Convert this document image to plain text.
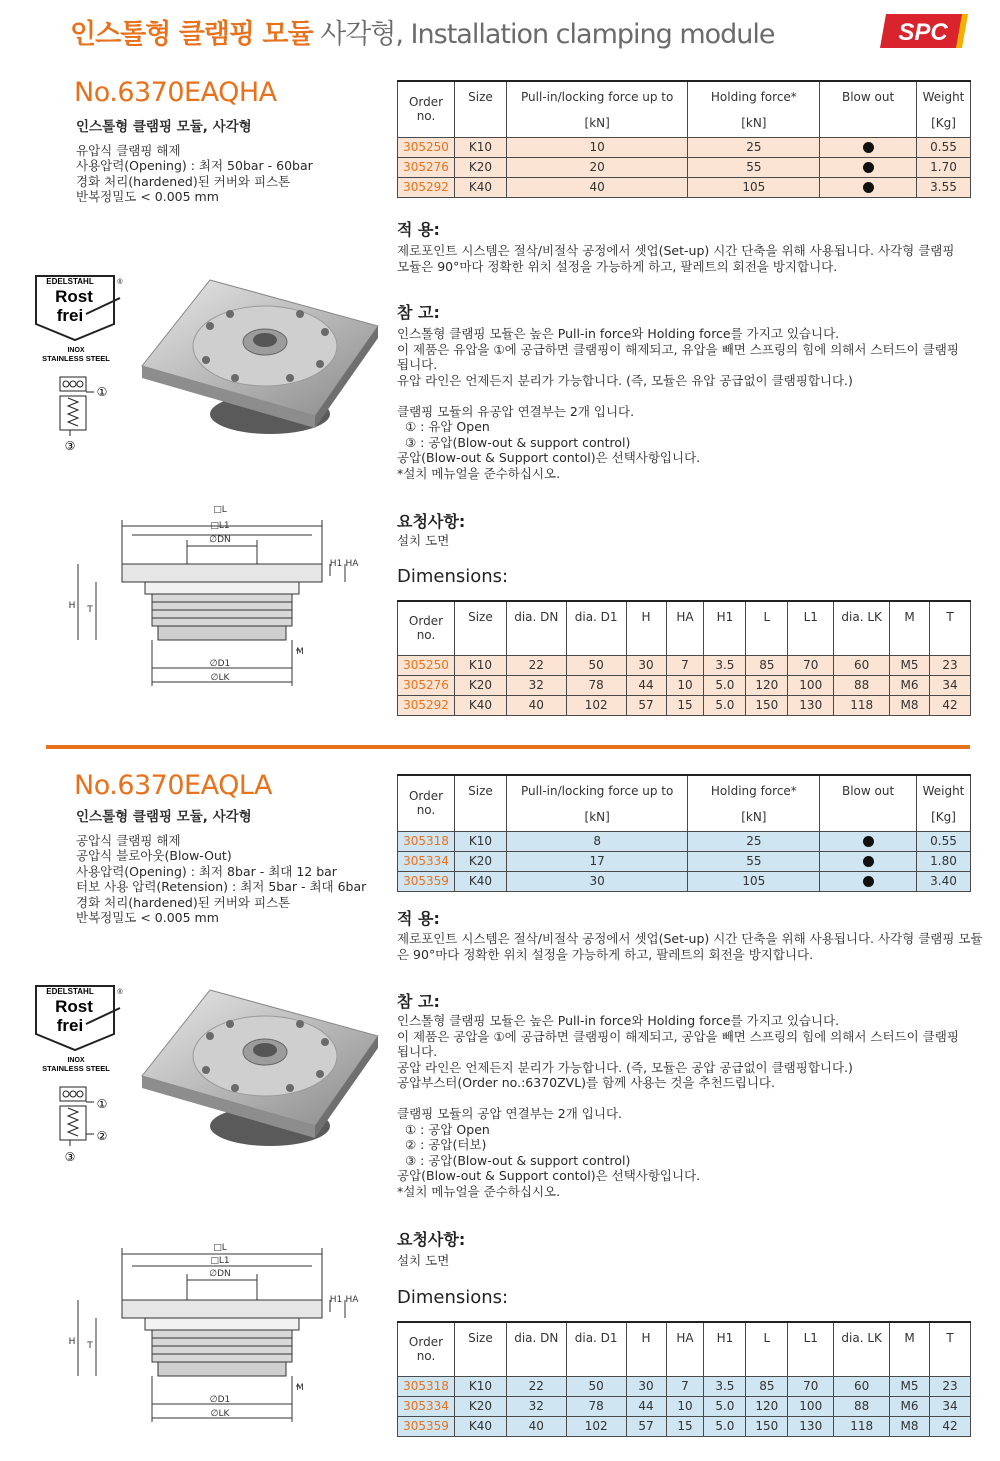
인스톨형 클램핑 모듈 사각형, Installation clamping module	SPC
No.6370EAQHA
인스톨형 클램핑 모듈, 사각형
유압식 클램핑 해제
사용압력(Opening) : 최저 50bar - 60bar
경화 처리(hardened)된 커버와 피스톤
반복정밀도 < 0.005 mm
EDELSTAHL	®
Rost
frei
INOX
STAINLESS STEEL
①
③
□L
□L1
∅DN
H1 HA
H T
M
∅D1
∅LK
Order no.	Size	Pull-in/locking force up to	Holding force*	Blow out	Weight
		[kN]	[kN]		[Kg]
305250	K10	10	25		0.55
305276	K20	20	55		1.70
305292	K40	40	105		3.55
적 용:
제로포인트 시스템은 절삭/비절삭 공정에서 셋업(Set-up) 시간 단축을 위해 사용됩니다. 사각형 클램핑
모듈은 90°마다 정확한 위치 설정을 가능하게 하고, 팔레트의 회전을 방지합니다.
참 고:
인스톨형 클램핑 모듈은 높은 Pull-in force와 Holding force를 가지고 있습니다.
이 제품은 유압을 ①에 공급하면 클램핑이 해제되고, 유압을 빼면 스프링의 힘에 의해서 스터드이 클램핑
됩니다.
유압 라인은 언제든지 분리가 가능합니다. (즉, 모듈은 유압 공급없이 클램핑합니다.)
클램핑 모듈의 유공압 연결부는 2개 입니다.
① : 유압 Open
③ : 공압(Blow-out & support control)
공압(Blow-out & Support contol)은 선택사항입니다.
*설치 메뉴얼을 준수하십시오.
요청사항:
설치 도면
Dimensions:
Order no.	Size	dia. DN	dia. D1	H	HA	H1	L	L1	dia. LK	M	T
305250	K10	22	50	30	7	3.5	85	70	60	M5	23
305276	K20	32	78	44	10	5.0	120	100	88	M6	34
305292	K40	40	102	57	15	5.0	150	130	118	M8	42
No.6370EAQLA
인스톨형 클램핑 모듈, 사각형
공압식 클램핑 해제
공압식 블로아웃(Blow-Out)
사용압력(Opening) : 최저 8bar - 최대 12 bar
터보 사용 압력(Retension) : 최저 5bar - 최대 6bar
경화 처리(hardened)된 커버와 피스톤
반복정밀도 < 0.005 mm
EDELSTAHL	®
Rost
frei
INOX
STAINLESS STEEL
①
②
③
□L
□L1
∅DN
H1 HA
H T
M
∅D1
∅LK
Order no.	Size	Pull-in/locking force up to	Holding force*	Blow out	Weight
		[kN]	[kN]		[Kg]
305318	K10	8	25		0.55
305334	K20	17	55		1.80
305359	K40	30	105		3.40
적 용:
제로포인트 시스템은 절삭/비절삭 공정에서 셋업(Set-up) 시간 단축을 위해 사용됩니다. 사각형 클램핑 모듈
은 90°마다 정확한 위치 설정을 가능하게 하고, 팔레트의 회전을 방지합니다.
참 고:
인스톨형 클램핑 모듈은 높은 Pull-in force와 Holding force를 가지고 있습니다.
이 제품은 공압을 ①에 공급하면 클램핑이 해제되고, 공압을 빼면 스프링의 힘에 의해서 스터드이 클램핑
됩니다.
공압 라인은 언제든지 분리가 가능합니다. (즉, 모듈은 공압 공급없이 클램핑합니다.)
공압부스터(Order no.:6370ZVL)를 함께 사용는 것을 추천드립니다.
클램핑 모듈의 공압 연결부는 2개 입니다.
① : 공압 Open
② : 공압(터보)
③ : 공압(Blow-out & support control)
공압(Blow-out & Support contol)은 선택사항입니다.
*설치 메뉴얼을 준수하십시오.
요청사항:
설치 도면
Dimensions:
Order no.	Size	dia. DN	dia. D1	H	HA	H1	L	L1	dia. LK	M	T
305318	K10	22	50	30	7	3.5	85	70	60	M5	23
305334	K20	32	78	44	10	5.0	120	100	88	M6	34
305359	K40	40	102	57	15	5.0	150	130	118	M8	42
